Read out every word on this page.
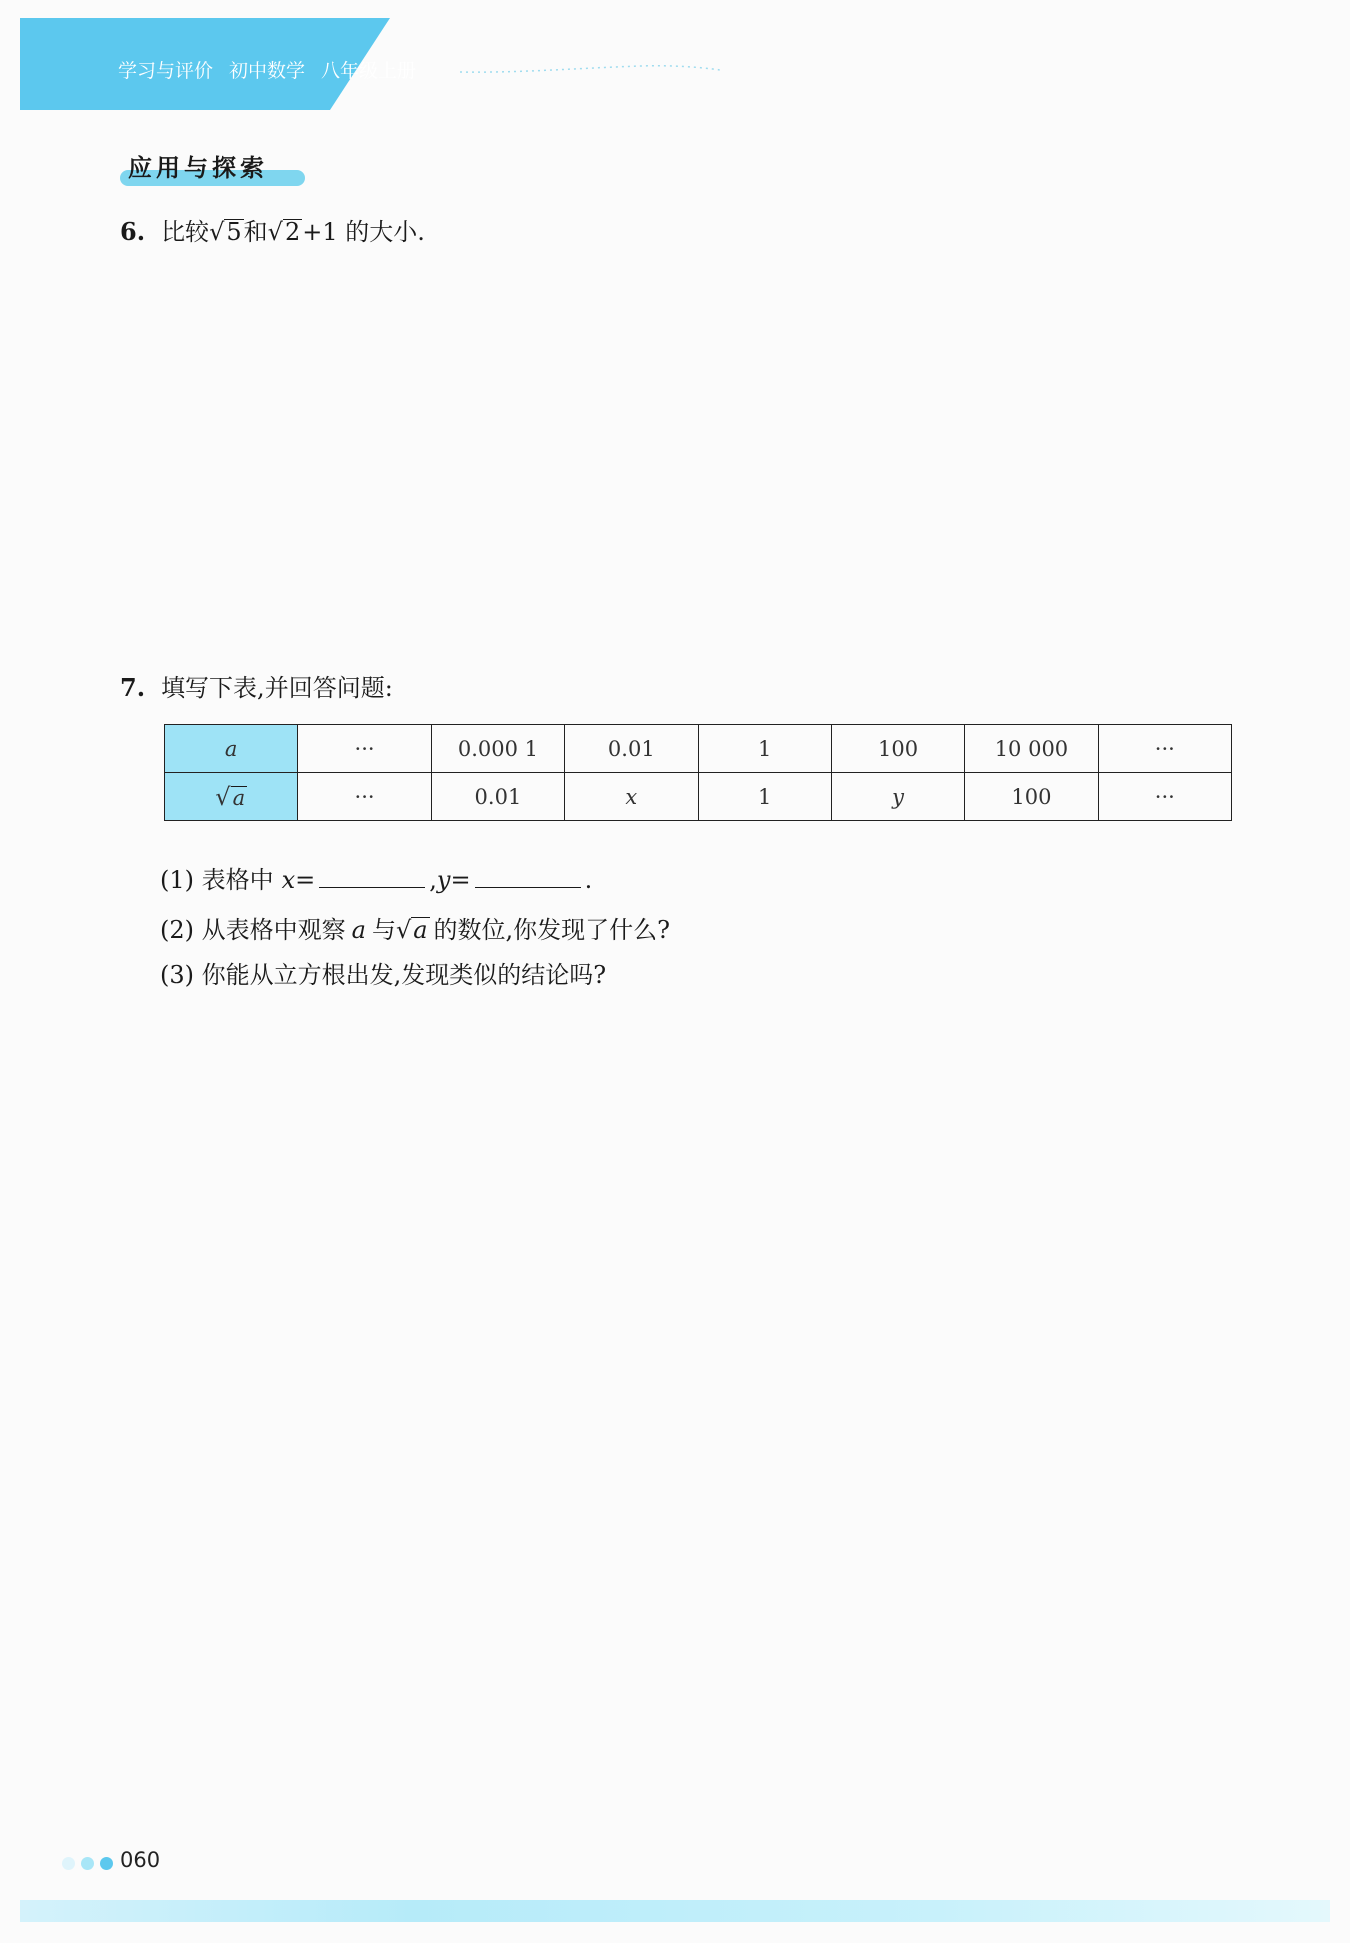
学习与评价 初中数学 八年级上册
应用与探索
6. 比较 √ 5 和 √ 2 +1 的大小.
7. 填写下表,并回答问题:
a	···	0.000 1	0.01	1	100	10 000	···

√ a	···	0.01	x	1	y	100	···
(1) 表格中 x =	, y =	.
(2) 从表格中观察 a 与 √ a 的数位,你发现了什么?
(3) 你能从立方根出发,发现类似的结论吗?
060
